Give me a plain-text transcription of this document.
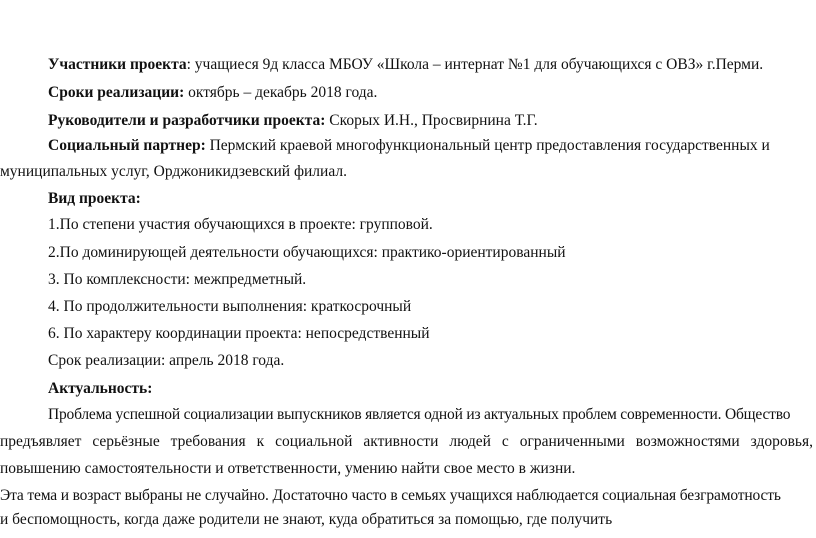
Участники проекта: учащиеся 9д класса МБОУ «Школа – интернат №1 для обучающихся с ОВЗ» г.Перми.
Сроки реализации: октябрь – декабрь 2018 года.
Руководители и разработчики проекта: Скорых И.Н., Просвирнина Т.Г.
Социальный партнер: Пермский краевой многофункциональный центр предоставления государственных и
муниципальных услуг, Орджоникидзевский филиал.
Вид проекта:
1.По степени участия обучающихся в проекте: групповой.
2.По доминирующей деятельности обучающихся: практико-ориентированный
3. По комплексности: межпредметный.
4. По продолжительности выполнения: краткосрочный
6. По характеру координации проекта: непосредственный
Срок реализации: апрель 2018 года.
Актуальность:
Проблема успешной социализации выпускников является одной из актуальных проблем современности. Общество
предъявляет серьёзные требования к социальной активности людей с ограниченными возможностями здоровья,
повышению самостоятельности и ответственности, умению найти свое место в жизни.
Эта тема и возраст выбраны не случайно. Достаточно часто в семьях учащихся наблюдается социальная безграмотность
и беспомощность, когда даже родители не знают, куда обратиться за помощью, где получить
